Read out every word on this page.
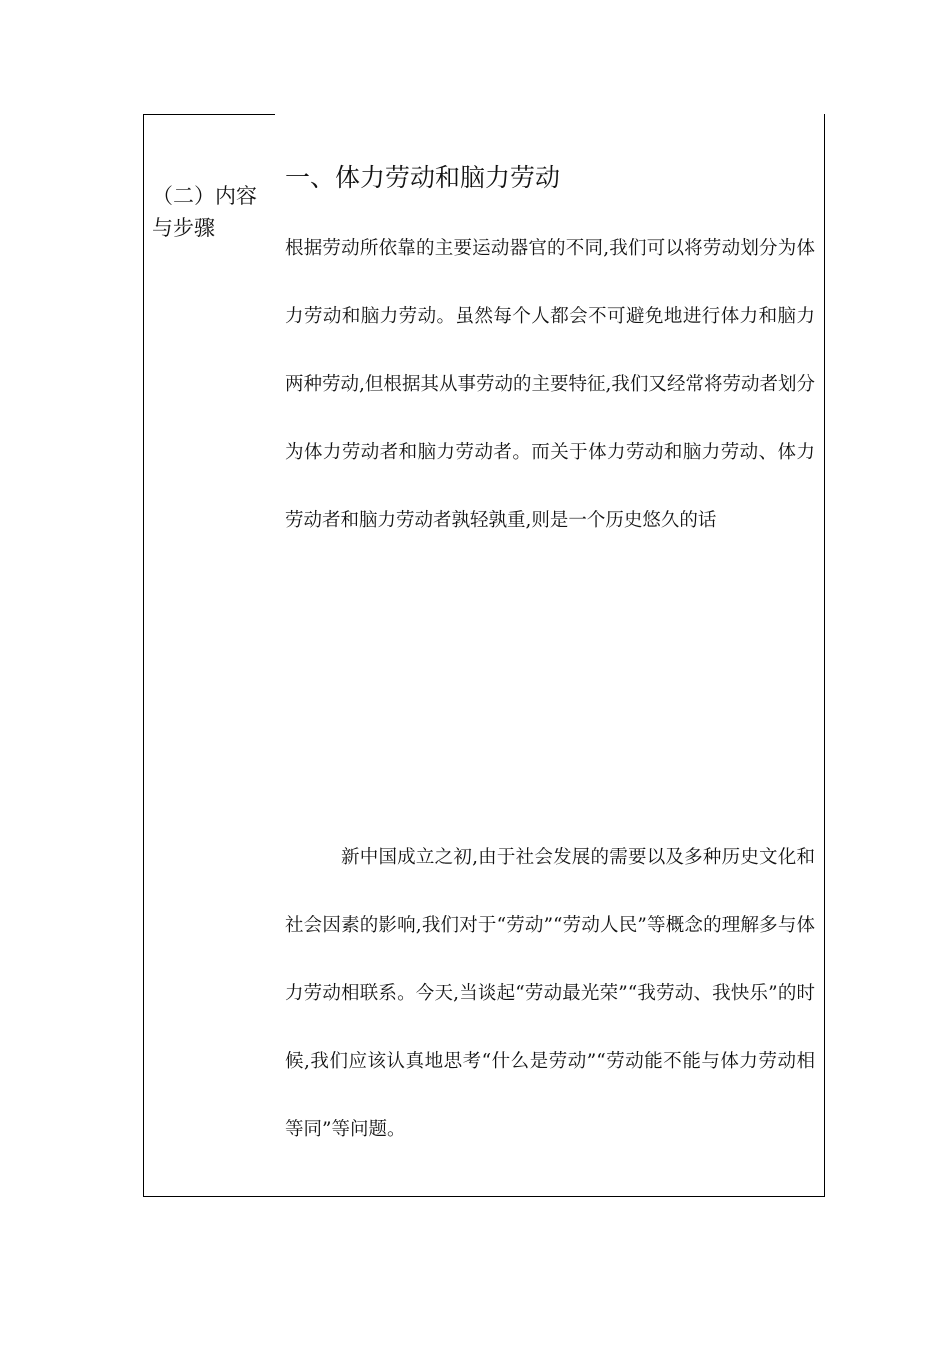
（二）内容与步骤
一、体力劳动和脑力劳动

根据劳动所依靠的主要运动器官的不同,我们可以将劳动划分为体力劳动和脑力劳动。虽然每个人都会不可避免地进行体力和脑力两种劳动,但根据其从事劳动的主要特征,我们又经常将劳动者划分为体力劳动者和脑力劳动者。而关于体力劳动和脑力劳动、体力劳动者和脑力劳动者孰轻孰重,则是一个历史悠久的话

新中国成立之初,由于社会发展的需要以及多种历史文化和社会因素的影响,我们对于“劳动”“劳动人民”等概念的理解多与体力劳动相联系。今天,当谈起“劳动最光荣”“我劳动、我快乐”的时候,我们应该认真地思考“什么是劳动”“劳动能不能与体力劳动相等同”等问题。
